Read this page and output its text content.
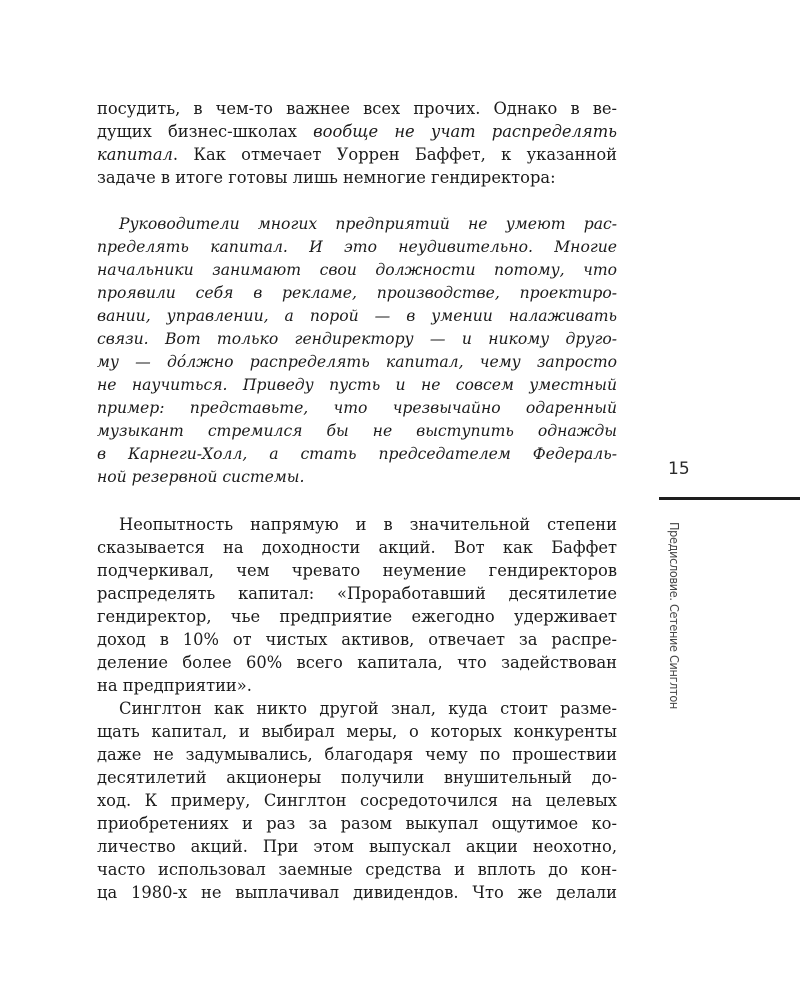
посудить, в чем-то важнее всех прочих. Однако в ве-
дущих бизнес-школах вообще не учат распределять
капитал. Как отмечает Уоррен Баффет, к указанной
задаче в итоге готовы лишь немногие гендиректора:
Руководители многих предприятий не умеют рас-
пределять капитал. И это неудивительно. Многие
начальники занимают свои должности потому, что
проявили себя в рекламе, производстве, проектиро-
вании, управлении, а порой — в умении налаживать
связи. Вот только гендиректору — и никому друго-
му — до́лжно распределять капитал, чему запросто
не научиться. Приведу пусть и не совсем уместный
пример: представьте, что чрезвычайно одаренный
музыкант стремился бы не выступить однажды
в Карнеги-Холл, а стать председателем Федераль-
ной резервной системы.
Неопытность напрямую и в значительной степени
сказывается на доходности акций. Вот как Баффет
подчеркивал, чем чревато неумение гендиректоров
распределять капитал: «Проработавший десятилетие
гендиректор, чье предприятие ежегодно удерживает
доход в 10% от чистых активов, отвечает за распре-
деление более 60% всего капитала, что задействован
на предприятии».
Синглтон как никто другой знал, куда стоит разме-
щать капитал, и выбирал меры, о которых конкуренты
даже не задумывались, благодаря чему по прошествии
десятилетий акционеры получили внушительный до-
ход. К примеру, Синглтон сосредоточился на целевых
приобретениях и раз за разом выкупал ощутимое ко-
личество акций. При этом выпускал акции неохотно,
часто использовал заемные средства и вплоть до кон-
ца 1980-х не выплачивал дивидендов. Что же делали
15
Предисловие. Сетение Синглтон
